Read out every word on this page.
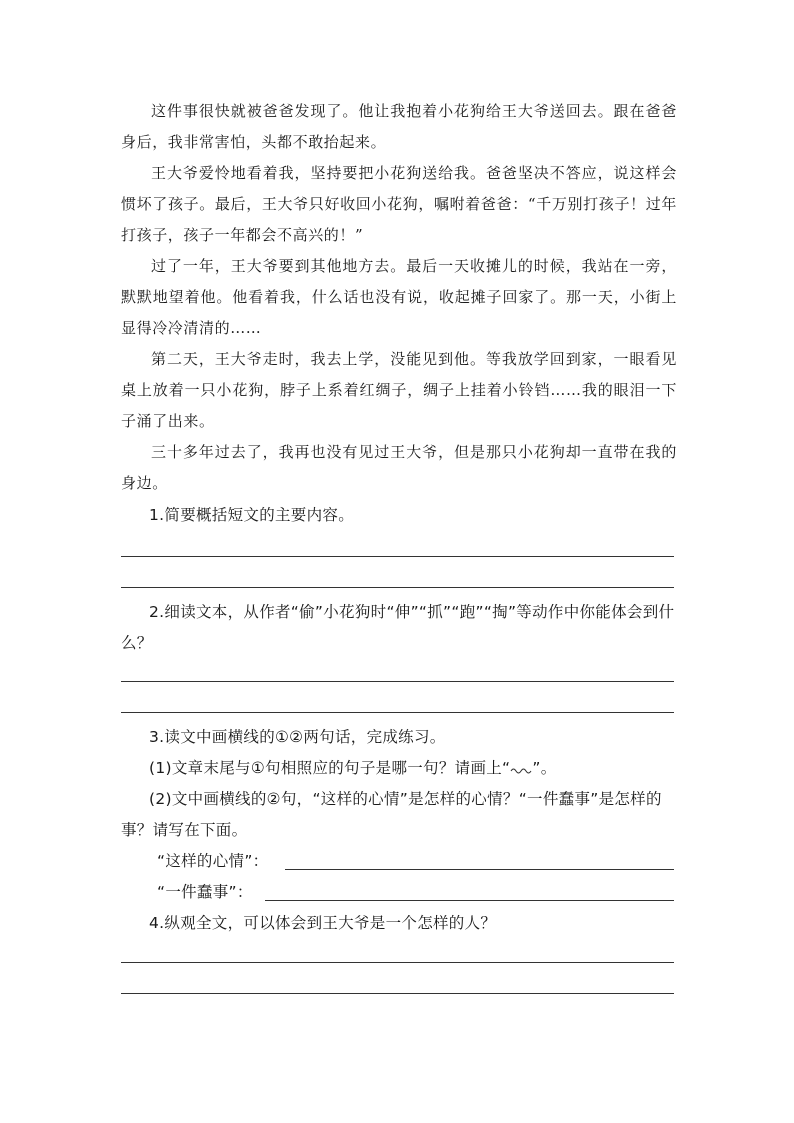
这件事很快就被爸爸发现了。他让我抱着小花狗给王大爷送回去。跟在爸爸身后，我非常害怕，头都不敢抬起来。

王大爷爱怜地看着我，坚持要把小花狗送给我。爸爸坚决不答应，说这样会惯坏了孩子。最后，王大爷只好收回小花狗，嘱咐着爸爸：“千万别打孩子！过年打孩子，孩子一年都会不高兴的！”

过了一年，王大爷要到其他地方去。最后一天收摊儿的时候，我站在一旁，默默地望着他。他看着我，什么话也没有说，收起摊子回家了。那一天，小街上显得冷冷清清的……

第二天，王大爷走时，我去上学，没能见到他。等我放学回到家，一眼看见桌上放着一只小花狗，脖子上系着红绸子，绸子上挂着小铃铛……我的眼泪一下子涌了出来。

三十多年过去了，我再也没有见过王大爷，但是那只小花狗却一直带在我的身边。

1.简要概括短文的主要内容。

2.细读文本，从作者“偷”小花狗时“伸”“抓”“跑”“掏”等动作中你能体会到什么？

3.读文中画横线的①②两句话，完成练习。

(1)文章末尾与①句相照应的句子是哪一句？请画上“ ”。

(2)文中画横线的②句，“这样的心情”是怎样的心情？“一件蠢事”是怎样的事？请写在下面。

“这样的心情”：
“一件蠢事”：

4.纵观全文，可以体会到王大爷是一个怎样的人？
